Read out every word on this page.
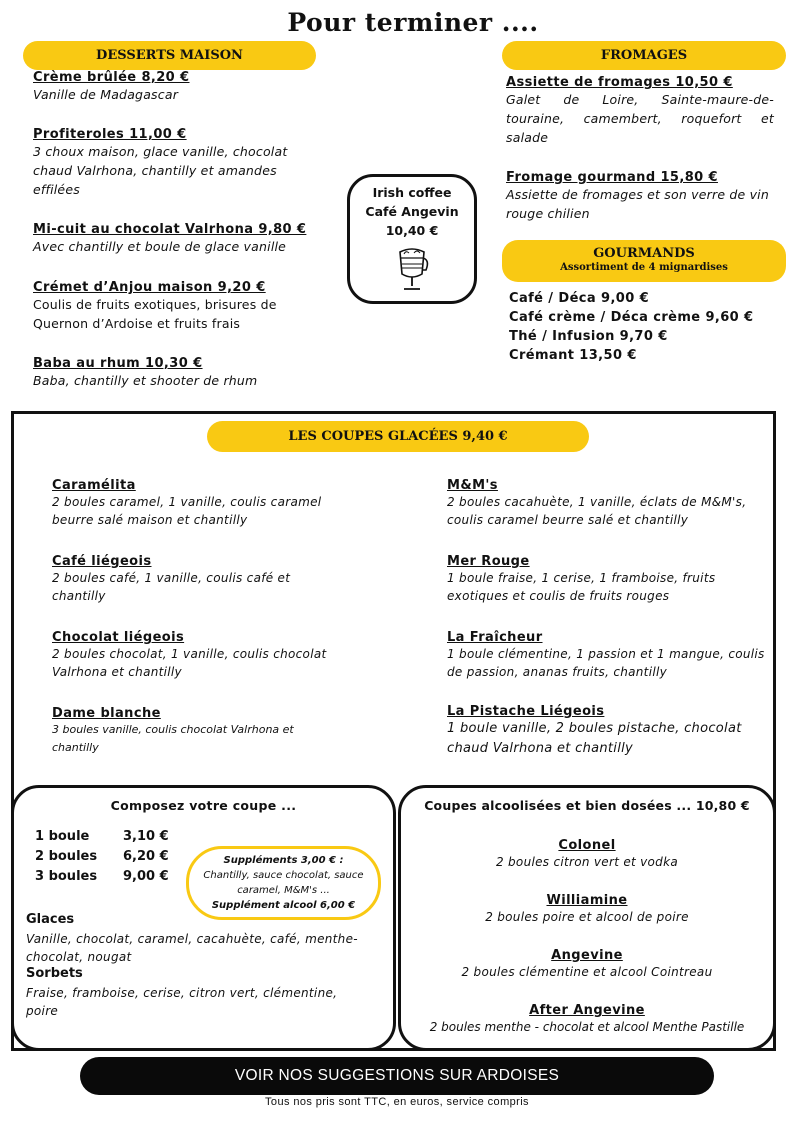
Pour terminer ....
DESSERTS MAISON
Crème brûlée 8,20 €
Vanille de Madagascar
Profiteroles 11,00 €
3 choux maison, glace vanille, chocolat chaud Valrhona, chantilly et amandes effilées
Mi-cuit au chocolat Valrhona 9,80 €
Avec chantilly et boule de glace vanille
Crémet d’Anjou maison 9,20 €
Coulis de fruits exotiques, brisures de Quernon d’Ardoise et fruits frais
Baba au rhum 10,30 €
Baba, chantilly et shooter de rhum
Irish coffee
Café Angevin
10,40 €
FROMAGES
Assiette de fromages 10,50 €
Galet de Loire, Sainte-maure-de-touraine, camembert, roquefort et salade
Fromage gourmand 15,80 €
Assiette de fromages et son verre de vin rouge chilien
GOURMANDS
Assortiment de 4 mignardises
Café / Déca 9,00 €
Café crème / Déca crème 9,60 €
Thé / Infusion 9,70 €
Crémant 13,50 €
LES COUPES GLACÉES 9,40 €
Caramélita
2 boules caramel, 1 vanille, coulis caramel beurre salé maison et chantilly
Café liégeois
2 boules café, 1 vanille, coulis café et chantilly
Chocolat liégeois
2 boules chocolat, 1 vanille, coulis chocolat Valrhona et chantilly
Dame blanche
3 boules vanille, coulis chocolat Valrhona et chantilly
M&M's
2 boules cacahuète, 1 vanille, éclats de M&M's, coulis caramel beurre salé et chantilly
Mer Rouge
1 boule fraise, 1 cerise, 1 framboise, fruits exotiques et coulis de fruits rouges
La Fraîcheur
1 boule clémentine, 1 passion et 1 mangue, coulis de passion, ananas fruits, chantilly
La Pistache Liégeois
1 boule vanille, 2 boules pistache, chocolat chaud Valrhona et chantilly
Composez votre coupe ...
1 boule	3,10 €
2 boules 6,20 €
3 boules 9,00 €
Suppléments 3,00 € :
Chantilly, sauce chocolat, sauce caramel, M&M's ...
Supplément alcool 6,00 €
Glaces
Vanille, chocolat, caramel, cacahuète, café, menthe-chocolat, nougat
Sorbets
Fraise, framboise, cerise, citron vert, clémentine, poire
Coupes alcoolisées et bien dosées ... 10,80 €
Colonel
2 boules citron vert et vodka
Williamine
2 boules poire et alcool de poire
Angevine
2 boules clémentine et alcool Cointreau
After Angevine
2 boules menthe - chocolat et alcool Menthe Pastille
VOIR NOS SUGGESTIONS SUR ARDOISES
Tous nos pris sont TTC, en euros, service compris
